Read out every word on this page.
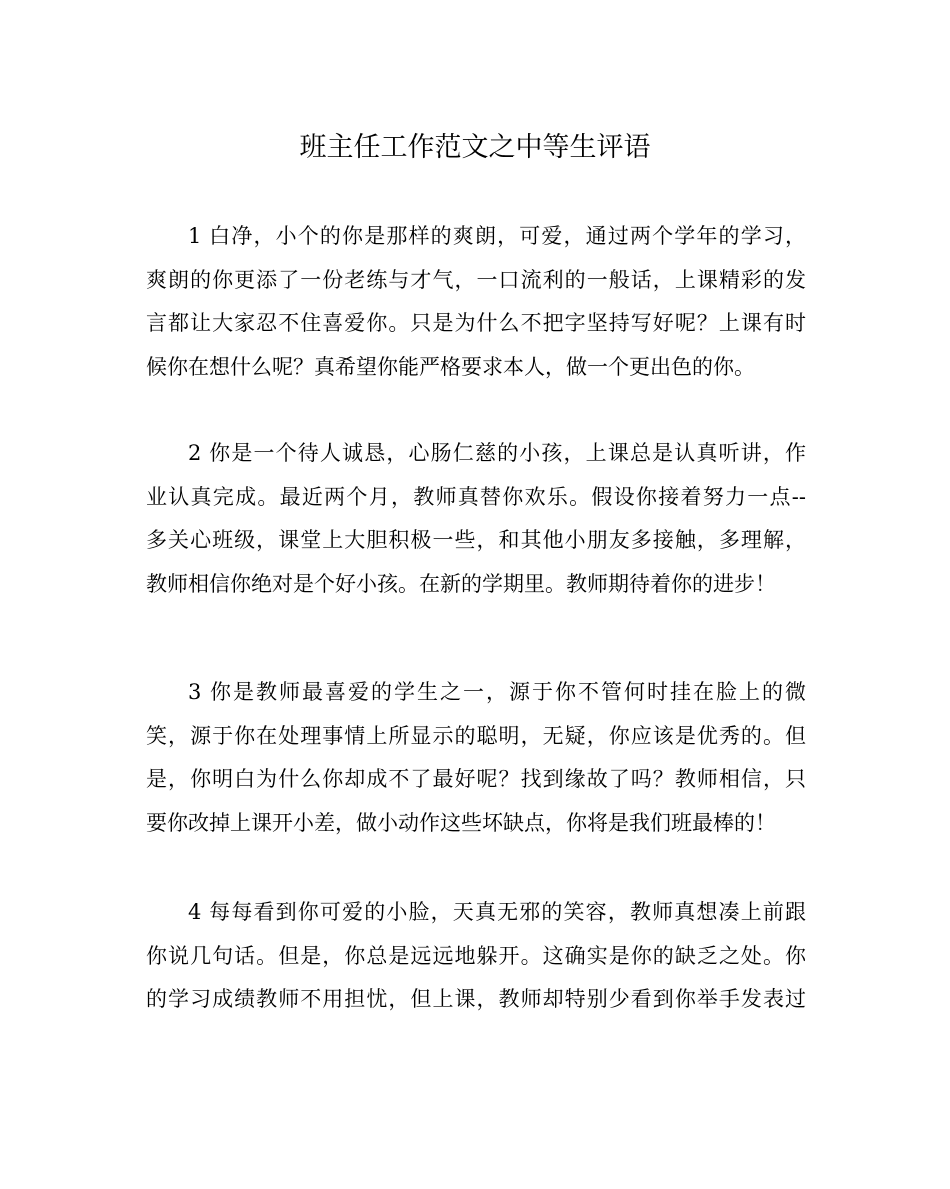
班主任工作范文之中等生评语

1 白净，小个的你是那样的爽朗，可爱，通过两个学年的学习，
爽朗的你更添了一份老练与才气，一口流利的一般话，上课精彩的发
言都让大家忍不住喜爱你。只是为什么不把字坚持写好呢？上课有时
候你在想什么呢？真希望你能严格要求本人，做一个更出色的你。

2 你是一个待人诚恳，心肠仁慈的小孩，上课总是认真听讲，作
业认真完成。最近两个月，教师真替你欢乐。假设你接着努力一点--
多关心班级，课堂上大胆积极一些，和其他小朋友多接触，多理解，
教师相信你绝对是个好小孩。在新的学期里。教师期待着你的进步！

3 你是教师最喜爱的学生之一，源于你不管何时挂在脸上的微
笑，源于你在处理事情上所显示的聪明，无疑，你应该是优秀的。但
是，你明白为什么你却成不了最好呢？找到缘故了吗？教师相信，只
要你改掉上课开小差，做小动作这些坏缺点，你将是我们班最棒的！

4 每每看到你可爱的小脸，天真无邪的笑容，教师真想凑上前跟
你说几句话。但是，你总是远远地躲开。这确实是你的缺乏之处。你
的学习成绩教师不用担忧，但上课，教师却特别少看到你举手发表过
